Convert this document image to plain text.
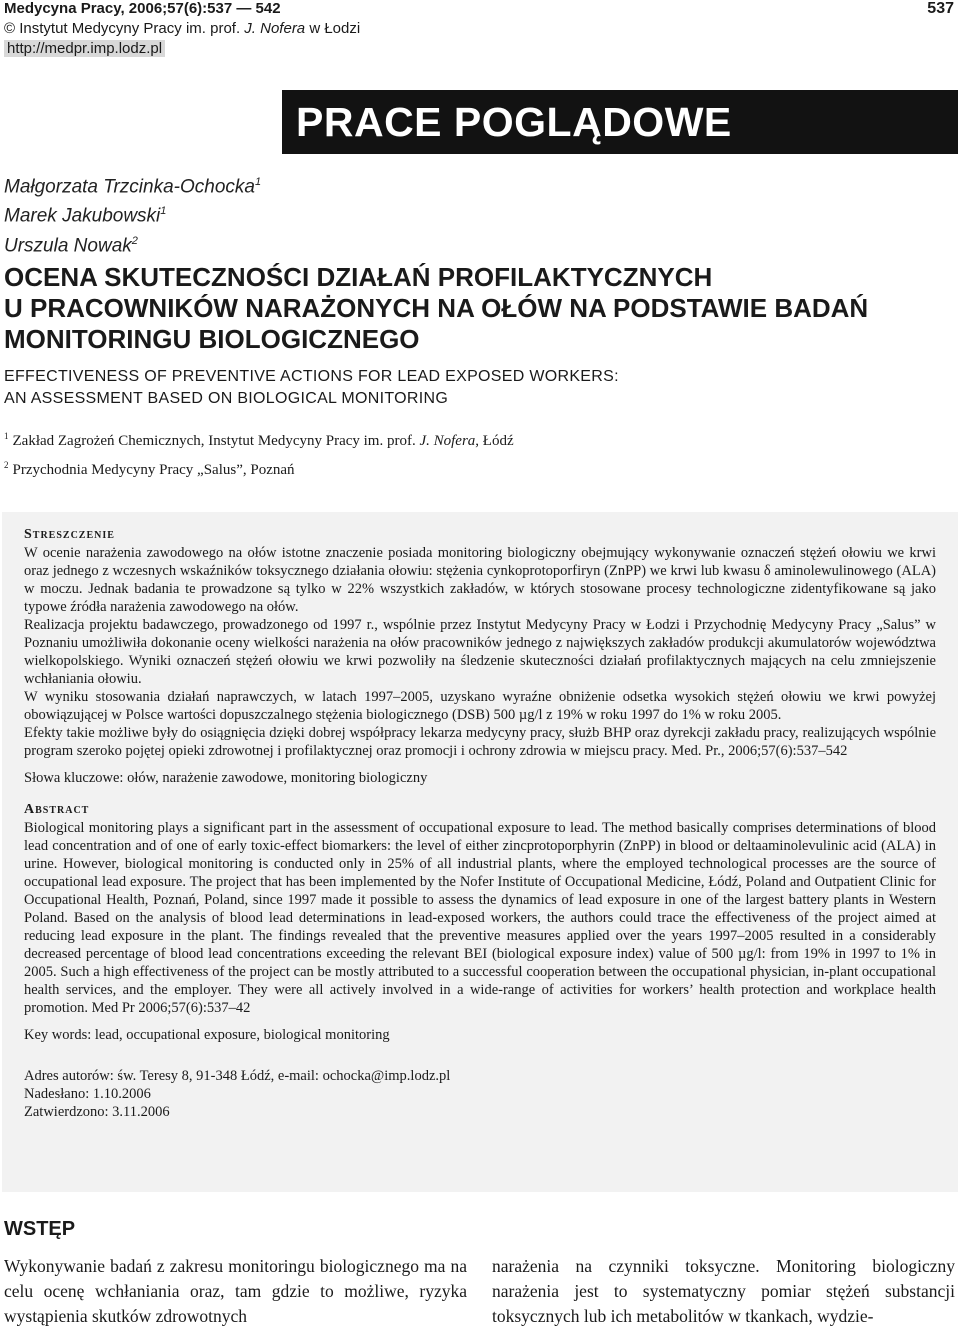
Medycyna Pracy, 2006;57(6):537 — 542
© Instytut Medycyny Pracy im. prof. J. Nofera w Łodzi
http://medpr.imp.lodz.pl
537
PRACE POGLĄDOWE
Małgorzata Trzcinka-Ochocka$^1$
Marek Jakubowski$^1$
Urszula Nowak$^2$
OCENA SKUTECZNOŚCI DZIAŁAŃ PROFILAKTYCZNYCH
U PRACOWNIKÓW NARAŻONYCH NA OŁÓW NA PODSTAWIE BADAŃ
MONITORINGU BIOLOGICZNEGO
EFFECTIVENESS OF PREVENTIVE ACTIONS FOR LEAD EXPOSED WORKERS:
AN ASSESSMENT BASED ON BIOLOGICAL MONITORING
$^1$ Zakład Zagrożeń Chemicznych, Instytut Medycyny Pracy im. prof. J. Nofera, Łódź
$^2$ Przychodnia Medycyny Pracy „Salus”, Poznań

Streszczenie

W ocenie narażenia zawodowego na ołów istotne znaczenie posiada monitoring biologiczny obejmujący wykonywanie oznaczeń stężeń ołowiu we krwi oraz jednego z wczesnych wskaźników toksycznego działania ołowiu: stężenia cynkoprotoporfiryn (ZnPP) we krwi lub kwasu δ aminolewulinowego (ALA) w moczu. Jednak badania te prowadzone są tylko w 22% wszystkich zakładów, w których stosowane procesy technologiczne zidentyfikowane są jako typowe źródła narażenia zawodowego na ołów.

Realizacja projektu badawczego, prowadzonego od 1997 r., wspólnie przez Instytut Medycyny Pracy w Łodzi i Przychodnię Medycyny Pracy „Salus” w Poznaniu umożliwiła dokonanie oceny wielkości narażenia na ołów pracowników jednego z największych zakładów produkcji akumulatorów województwa wielkopolskiego. Wyniki oznaczeń stężeń ołowiu we krwi pozwoliły na śledzenie skuteczności działań profilaktycznych mających na celu zmniejszenie wchłaniania ołowiu.

W wyniku stosowania działań naprawczych, w latach 1997–2005, uzyskano wyraźne obniżenie odsetka wysokich stężeń ołowiu we krwi powyżej obowiązującej w Polsce wartości dopuszczalnego stężenia biologicznego (DSB) 500 µg/l z 19% w roku 1997 do 1% w roku 2005.

Efekty takie możliwe były do osiągnięcia dzięki dobrej współpracy lekarza medycyny pracy, służb BHP oraz dyrekcji zakładu pracy, realizujących wspólnie program szeroko pojętej opieki zdrowotnej i profilaktycznej oraz promocji i ochrony zdrowia w miejscu pracy. Med. Pr., 2006;57(6):537–542

Słowa kluczowe: ołów, narażenie zawodowe, monitoring biologiczny

Abstract

Biological monitoring plays a significant part in the assessment of occupational exposure to lead. The method basically comprises determinations of blood lead concentration and of one of early toxic-effect biomarkers: the level of either zincprotoporphyrin (ZnPP) in blood or deltaaminolevulinic acid (ALA) in urine. However, biological monitoring is conducted only in 25% of all industrial plants, where the employed technological processes are the source of occupational lead exposure. The project that has been implemented by the Nofer Institute of Occupational Medicine, Łódź, Poland and Outpatient Clinic for Occupational Health, Poznań, Poland, since 1997 made it possible to assess the dynamics of lead exposure in one of the largest battery plants in Western Poland. Based on the analysis of blood lead determinations in lead-exposed workers, the authors could trace the effectiveness of the project aimed at reducing lead exposure in the plant. The findings revealed that the preventive measures applied over the years 1997–2005 resulted in a considerably decreased percentage of blood lead concentrations exceeding the relevant BEI (biological exposure index) value of 500 µg/l: from 19% in 1997 to 1% in 2005. Such a high effectiveness of the project can be mostly attributed to a successful cooperation between the occupational physician, in-plant occupational health services, and the employer. They were all actively involved in a wide-range of activities for workers’ health protection and workplace health promotion. Med Pr 2006;57(6):537–42

Key words: lead, occupational exposure, biological monitoring

Adres autorów: św. Teresy 8, 91-348 Łódź, e-mail: ochocka@imp.lodz.pl

Nadesłano: 1.10.2006

Zatwierdzono: 3.11.2006

WSTĘP
Wykonywanie badań z zakresu monitoringu biologicznego ma na celu ocenę wchłaniania oraz, tam gdzie to możliwe, ryzyka wystąpienia skutków zdrowotnych
narażenia na czynniki toksyczne. Monitoring biologiczny narażenia jest to systematyczny pomiar stężeń substancji toksycznych lub ich metabolitów w tkankach, wydzie-
